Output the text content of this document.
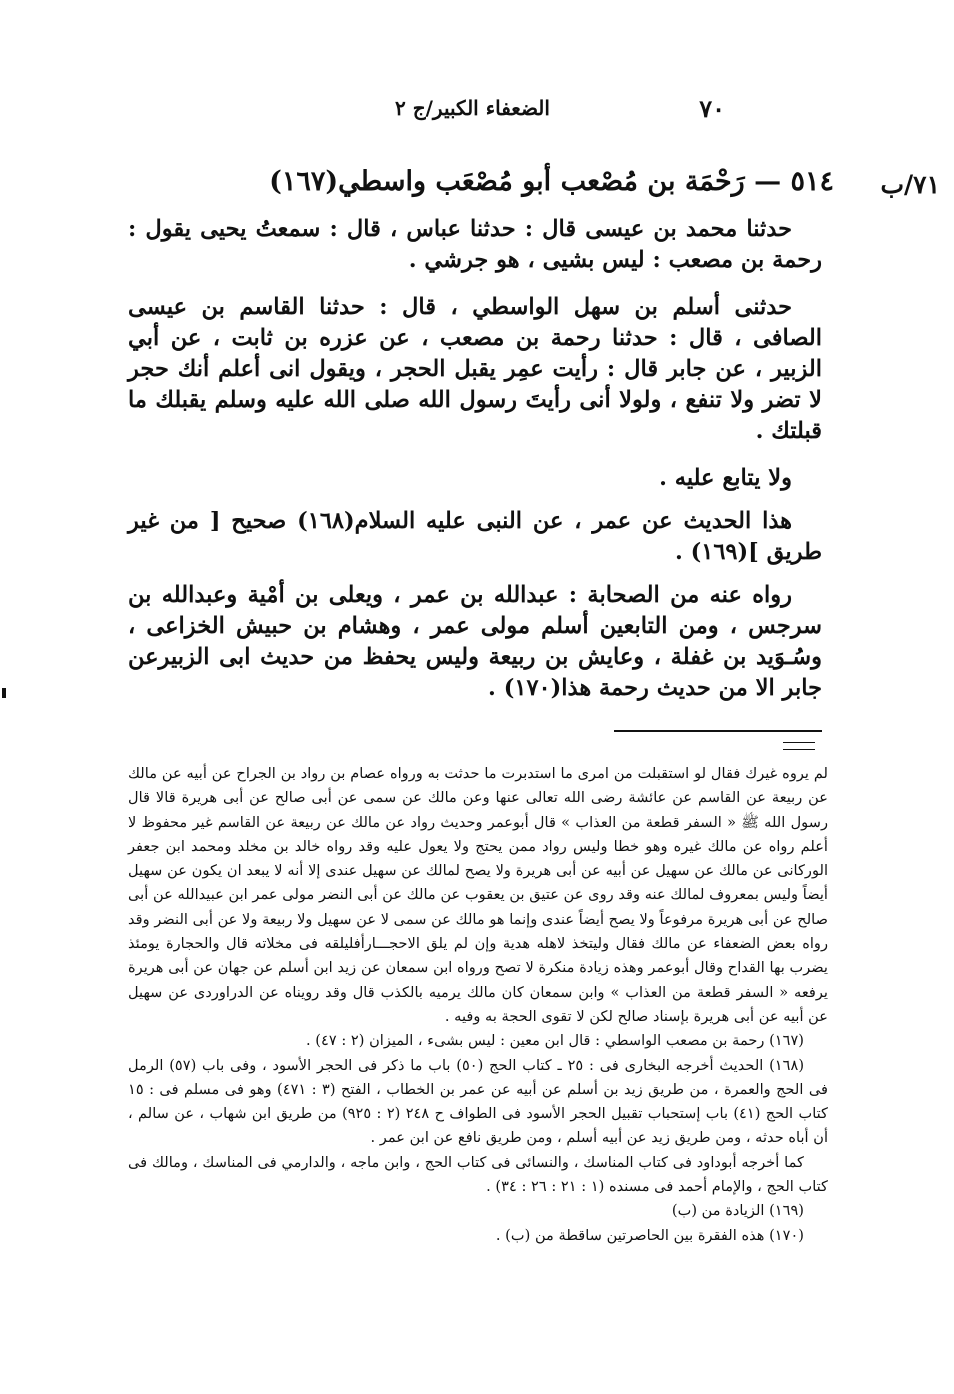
٧٠
الضعفاء الكبير/ج ٢
٧١/ب
٥١٤ — رَحْمَة بن مُصْعب أبو مُصْعَب واسطي(١٦٧)

حدثنا محمد بن عيسى قال : حدثنا عباس ، قال : سمعتُ يحيى يقول : رحمة بن مصعب : ليس بشيى ، هو جرشي .

حدثنى أسلم بن سهل الواسطي ، قال : حدثنا القاسم بن عيسى الصافى ، قال : حدثنا رحمة بن مصعب ، عن عزره بن ثابت ، عن أبي الزبير ، عن جابر قال : رأيت عمِر يقبل الحجر ، ويقول انى أعلم أنك حجر لا تضر ولا تنفع ، ولولا أنى رأيتَ رسول الله صلى الله عليه وسلم يقبلك ما قبلتك .

ولا يتابع عليه .

هذا الحديث عن عمر ، عن النبى عليه السلام(١٦٨) صحيح [ من غير طريق ](١٦٩) .

رواه عنه من الصحابة : عبدالله بن عمر ، ويعلى بن أمْية وعبدالله بن سرجس ، ومن التابعين أسلم مولى عمر ، وهشام بن حبيش الخزاعى ، وسُـوَيد بن غفلة ، وعايش بن ربيعة وليس يحفظ من حديث ابى الزبيرعن جابر الا من حديث رحمة هذا(١٧٠) .

لم يروه غيرك فقال لو استقبلت من امرى ما استدبرت ما حدثت به ورواه عصام بن رواد بن الجراح عن أبيه عن مالك عن ربيعة عن القاسم عن عائشة رضى الله تعالى عنها وعن مالك عن سمى عن أبى صالح عن أبى هريرة قالا قال رسول الله ﷺ « السفر قطعة من العذاب » قال أبوعمر وحديث رواد عن مالك عن ربيعة عن القاسم غير محفوظ لا أعلم رواه عن مالك غيره وهو خطا وليس رواد ممن يحتج ولا يعول عليه وقد رواه خالد بن مخلد ومحمد ابن جعفر الوركانى عن مالك عن سهيل عن أبيه عن أبى هريرة ولا يصح لمالك عن سهيل عندى إلا أنه لا يبعد ان يكون عن سهيل أيضاً وليس بمعروف لمالك عنه وقد روى عن عتيق بن يعقوب عن مالك عن أبى النضر مولى عمر ابن عبيدالله عن أبى صالح عن أبى هريرة مرفوعاً ولا يصح أيضاً عندى وإنما هو مالك عن سمى لا عن سهيل ولا ربيعة ولا عن أبى النضر وقد رواه بعض الضعفاء عن مالك فقال وليتخذ لاهله هدية وإن لم يلق الاحجـــارأفليلقه فى مخلاته قال والحجارة يومئذ يضرب بها القداح وقال أبوعمر وهذه زيادة منكرة لا تصح ورواه ابن سمعان عن زيد ابن أسلم عن جهان عن أبى هريرة يرفعه « السفر قطعة من العذاب » وابن سمعان كان مالك يرميه بالكذب قال وقد رويناه عن الدراوردى عن سهيل عن أبيه عن أبى هريرة بإسناد صالح لكن لا تقوى الحجة به وفيه .

(١٦٧) رحمة بن مصعب الواسطي : قال ابن معين : ليس بشىء ، الميزان (٢ : ٤٧) .

(١٦٨) الحديث أخرجه البخارى فى : ٢٥ ـ كتاب الحج (٥٠) باب ما ذكر فى الحجر الأسود ، وفى باب (٥٧) الرمل فى الحج والعمرة ، من طريق زيد بن أسلم عن أبيه عن عمر بن الخطاب ، الفتح (٣ : ٤٧١) وهو فى مسلم فى : ١٥ كتاب الحج (٤١) باب إستحباب تقبيل الحجر الأسود فى الطواف ح ٢٤٨ (٢ : ٩٢٥) من طريق ابن شهاب ، عن سالم ، أن أباه حدثه ، ومن طريق زيد عن أبيه أسلم ، ومن طريق نافع عن ابن عمر .

كما أخرجه أبوداود فى كتاب المناسك ، والنسائى فى كتاب الحج ، وابن ماجه ، والدارمي فى المناسك ، ومالك فى كتاب الحج ، والإمام أحمد فى مسنده (١ : ٢١ : ٢٦ : ٣٤) .

(١٦٩) الزيادة من (ب)

(١٧٠) هذه الفقرة بين الحاصرتين ساقطة من (ب) .
